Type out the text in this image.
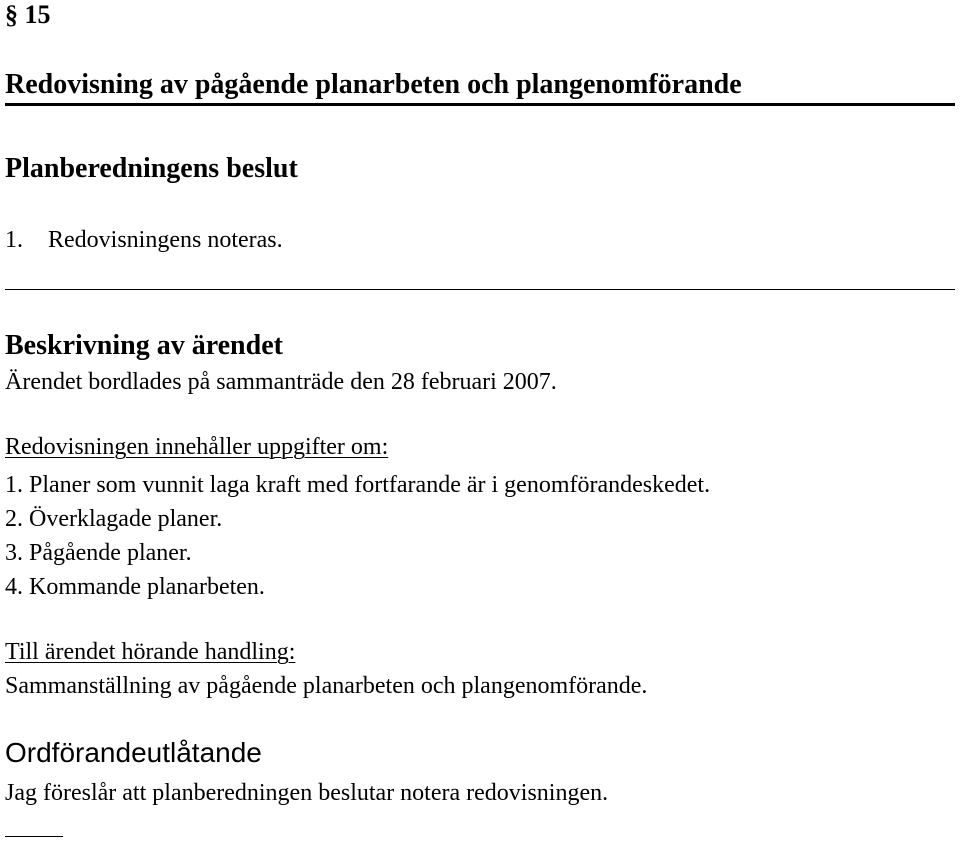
§ 15
Redovisning av pågående planarbeten och plangenomförande
Planberedningens beslut
1. Redovisningens noteras.
Beskrivning av ärendet
Ärendet bordlades på sammanträde den 28 februari 2007.
Redovisningen innehåller uppgifter om:
1. Planer som vunnit laga kraft med fortfarande är i genomförandeskedet.
2. Överklagade planer.
3. Pågående planer.
4. Kommande planarbeten.
Till ärendet hörande handling:
Sammanställning av pågående planarbeten och plangenomförande.
Ordförandeutlåtande
Jag föreslår att planberedningen beslutar notera redovisningen.
